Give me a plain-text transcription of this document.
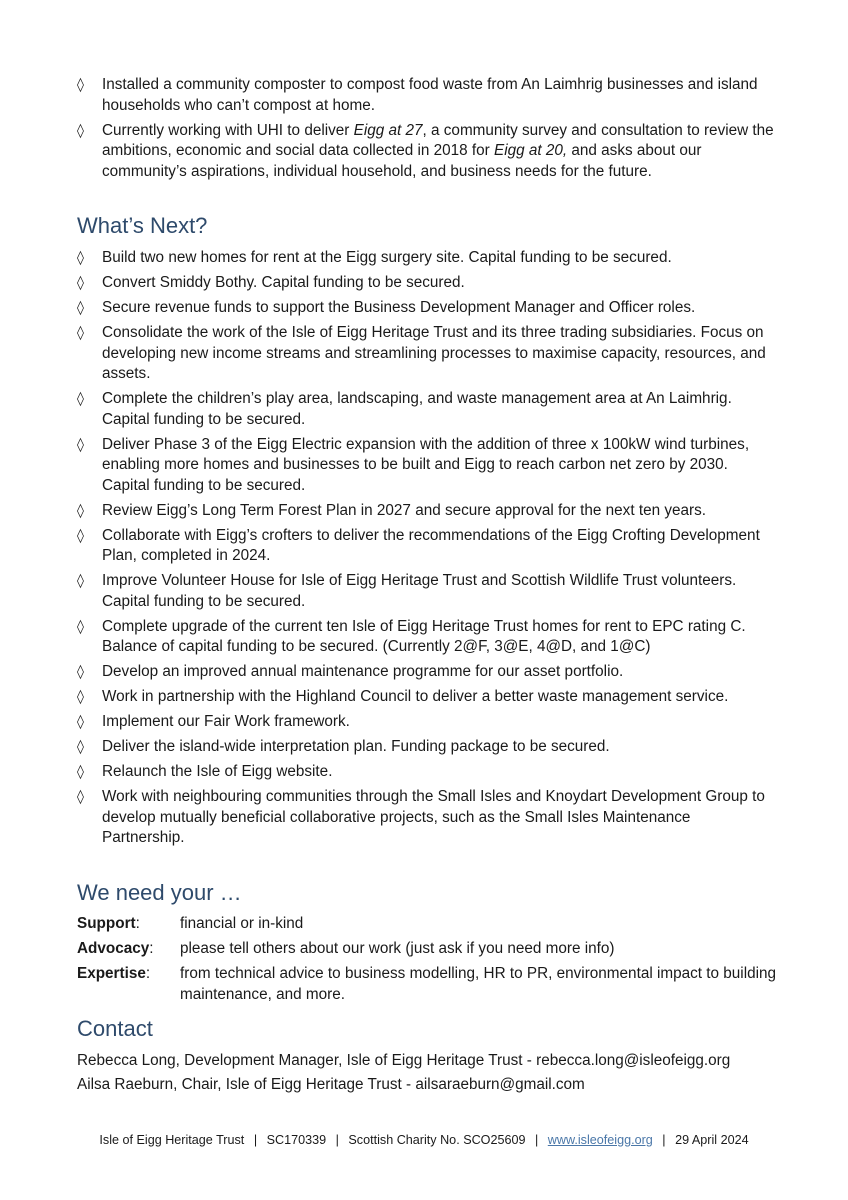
◊	Installed a community composter to compost food waste from An Laimhrig businesses and island households who can’t compost at home.
◊	Currently working with UHI to deliver Eigg at 27, a community survey and consultation to review the ambitions, economic and social data collected in 2018 for Eigg at 20, and asks about our community’s aspirations, individual household, and business needs for the future.
What’s Next?
◊	Build two new homes for rent at the Eigg surgery site. Capital funding to be secured.
◊	Convert Smiddy Bothy. Capital funding to be secured.
◊	Secure revenue funds to support the Business Development Manager and Officer roles.
◊	Consolidate the work of the Isle of Eigg Heritage Trust and its three trading subsidiaries. Focus on developing new income streams and streamlining processes to maximise capacity, resources, and assets.
◊	Complete the children’s play area, landscaping, and waste management area at An Laimhrig. Capital funding to be secured.
◊	Deliver Phase 3 of the Eigg Electric expansion with the addition of three x 100kW wind turbines, enabling more homes and businesses to be built and Eigg to reach carbon net zero by 2030. Capital funding to be secured.
◊	Review Eigg’s Long Term Forest Plan in 2027 and secure approval for the next ten years.
◊	Collaborate with Eigg’s crofters to deliver the recommendations of the Eigg Crofting Development Plan, completed in 2024.
◊	Improve Volunteer House for Isle of Eigg Heritage Trust and Scottish Wildlife Trust volunteers. Capital funding to be secured.
◊	Complete upgrade of the current ten Isle of Eigg Heritage Trust homes for rent to EPC rating C. Balance of capital funding to be secured. (Currently 2@F, 3@E, 4@D, and 1@C)
◊	Develop an improved annual maintenance programme for our asset portfolio.
◊	Work in partnership with the Highland Council to deliver a better waste management service.
◊	Implement our Fair Work framework.
◊	Deliver the island-wide interpretation plan. Funding package to be secured.
◊	Relaunch the Isle of Eigg website.
◊	Work with neighbouring communities through the Small Isles and Knoydart Development Group to develop mutually beneficial collaborative projects, such as the Small Isles Maintenance Partnership.
We need your …
Support:	financial or in-kind
Advocacy:	please tell others about our work (just ask if you need more info)
Expertise:	from technical advice to business modelling, HR to PR, environmental impact to building maintenance, and more.
Contact
Rebecca Long, Development Manager, Isle of Eigg Heritage Trust - rebecca.long@isleofeigg.org
Ailsa Raeburn, Chair, Isle of Eigg Heritage Trust - ailsaraeburn@gmail.com
Isle of Eigg Heritage Trust | SC170339 | Scottish Charity No. SCO25609 | www.isleofeigg.org | 29 April 2024
